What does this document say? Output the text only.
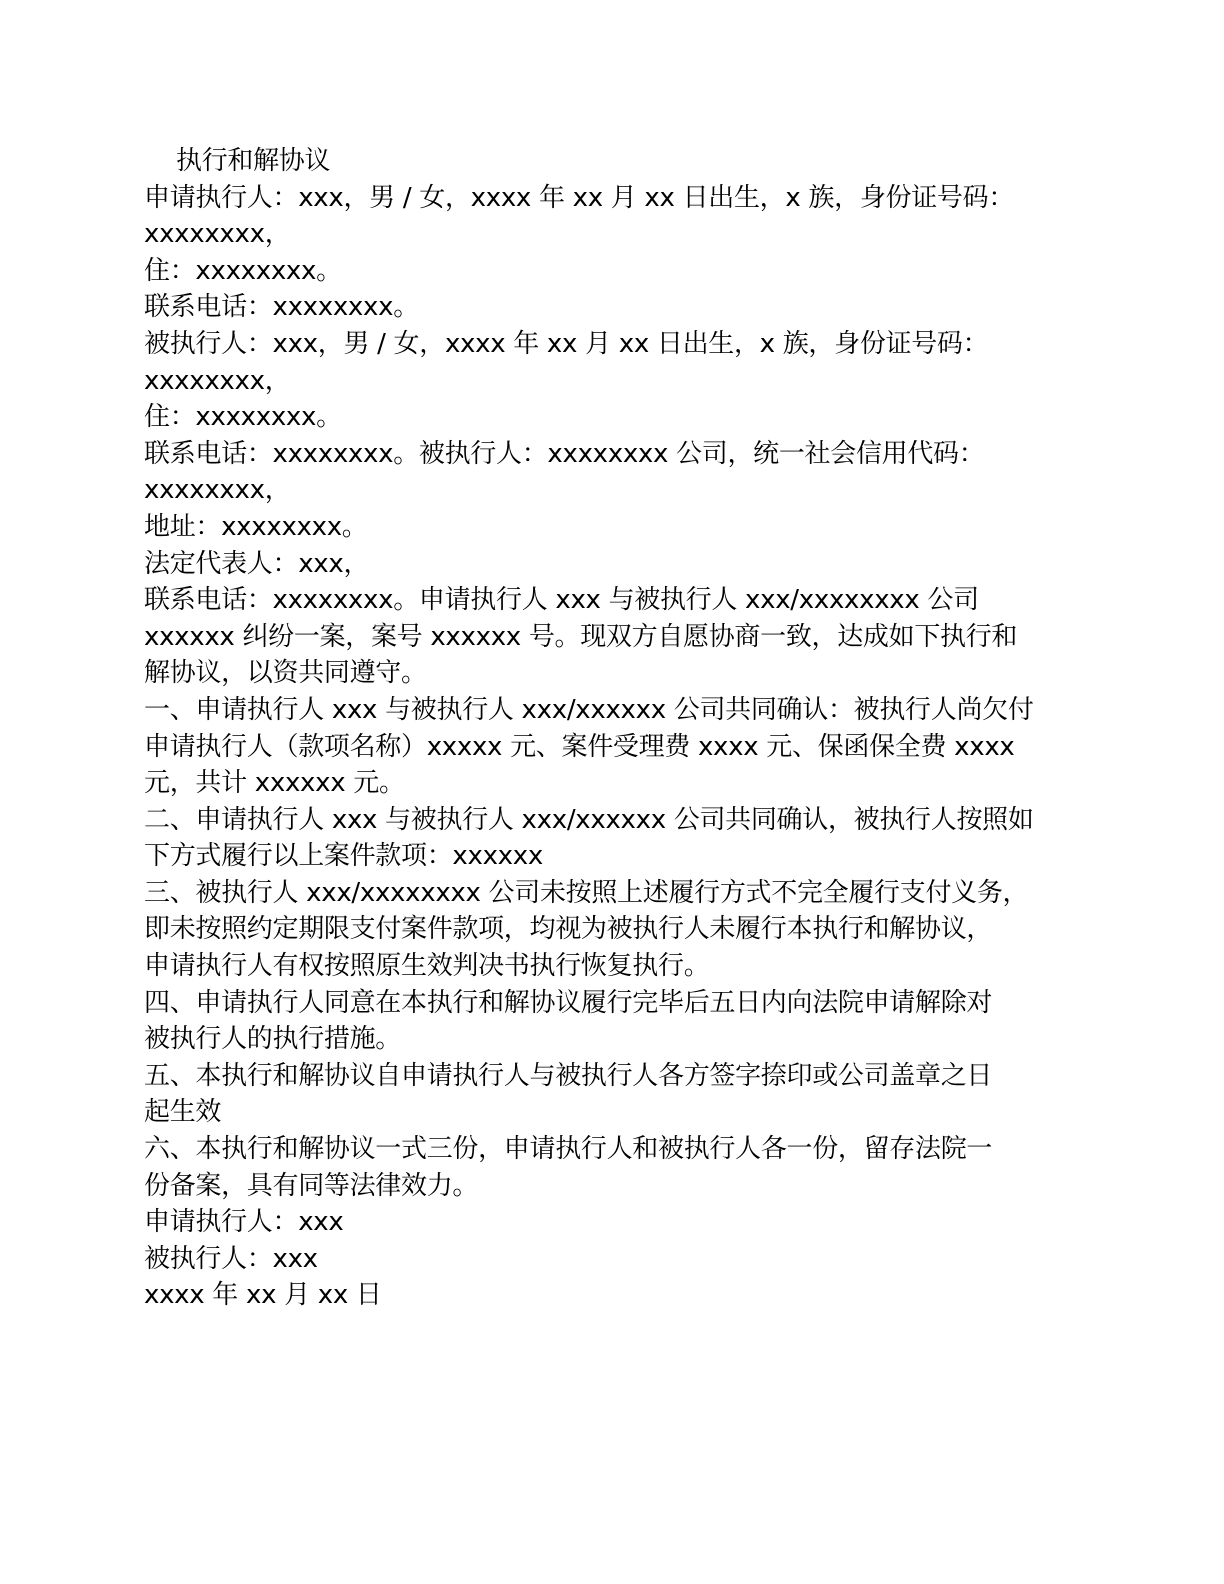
执行和解协议
申请执行人：xxx，男 / 女，xxxx 年 xx 月 xx 日出生，x 族，身份证号码：
xxxxxxxx，
住：xxxxxxxx。
联系电话：xxxxxxxx。
被执行人：xxx，男 / 女，xxxx 年 xx 月 xx 日出生，x 族，身份证号码：
xxxxxxxx，
住：xxxxxxxx。
联系电话：xxxxxxxx。被执行人：xxxxxxxx 公司，统一社会信用代码：
xxxxxxxx，
地址：xxxxxxxx。
法定代表人：xxx，
联系电话：xxxxxxxx。申请执行人 xxx 与被执行人 xxx/xxxxxxxx 公司
xxxxxx 纠纷一案，案号 xxxxxx 号。现双方自愿协商一致，达成如下执行和
解协议，以资共同遵守。
一、申请执行人 xxx 与被执行人 xxx/xxxxxx 公司共同确认：被执行人尚欠付
申请执行人（款项名称）xxxxx 元、案件受理费 xxxx 元、保函保全费 xxxx
元，共计 xxxxxx 元。
二、申请执行人 xxx 与被执行人 xxx/xxxxxx 公司共同确认，被执行人按照如
下方式履行以上案件款项：xxxxxx
三、被执行人 xxx/xxxxxxxx 公司未按照上述履行方式不完全履行支付义务，
即未按照约定期限支付案件款项，均视为被执行人未履行本执行和解协议，
申请执行人有权按照原生效判决书执行恢复执行。
四、申请执行人同意在本执行和解协议履行完毕后五日内向法院申请解除对
被执行人的执行措施。
五、本执行和解协议自申请执行人与被执行人各方签字捺印或公司盖章之日
起生效
六、本执行和解协议一式三份，申请执行人和被执行人各一份，留存法院一
份备案，具有同等法律效力。
申请执行人：xxx
被执行人：xxx
xxxx 年 xx 月 xx 日
